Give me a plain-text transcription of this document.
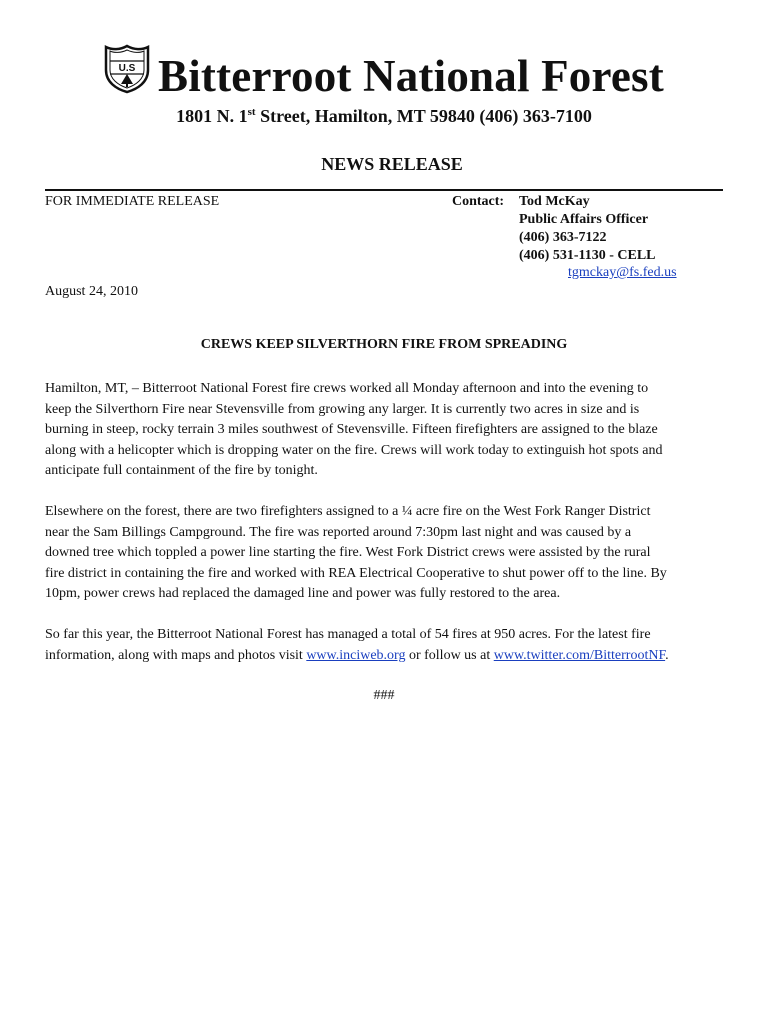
U.S Bitterroot National Forest
1801 N. 1st Street, Hamilton, MT 59840 (406) 363-7100
NEWS RELEASE
FOR IMMEDIATE RELEASE	Contact: Tod McKay
Public Affairs Officer
(406) 363-7122
(406) 531-1130 - CELL
tgmckay@fs.fed.us
August 24, 2010
CREWS KEEP SILVERTHORN FIRE FROM SPREADING
Hamilton, MT, – Bitterroot National Forest fire crews worked all Monday afternoon and into the evening to
keep the Silverthorn Fire near Stevensville from growing any larger. It is currently two acres in size and is
burning in steep, rocky terrain 3 miles southwest of Stevensville. Fifteen firefighters are assigned to the blaze
along with a helicopter which is dropping water on the fire. Crews will work today to extinguish hot spots and
anticipate full containment of the fire by tonight.
Elsewhere on the forest, there are two firefighters assigned to a ¼ acre fire on the West Fork Ranger District
near the Sam Billings Campground. The fire was reported around 7:30pm last night and was caused by a
downed tree which toppled a power line starting the fire. West Fork District crews were assisted by the rural
fire district in containing the fire and worked with REA Electrical Cooperative to shut power off to the line. By
10pm, power crews had replaced the damaged line and power was fully restored to the area.
So far this year, the Bitterroot National Forest has managed a total of 54 fires at 950 acres. For the latest fire
information, along with maps and photos visit www.inciweb.org or follow us at www.twitter.com/BitterrootNF.
###
